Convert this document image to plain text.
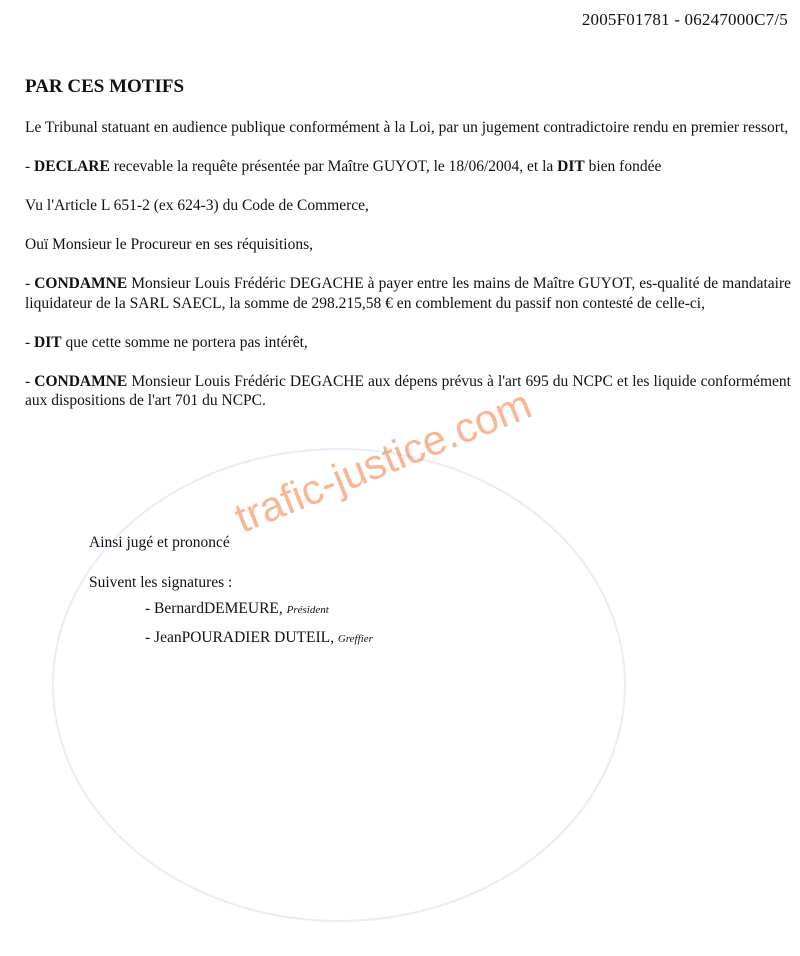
2005F01781 - 06247000C7/5
PAR CES MOTIFS

Le Tribunal statuant en audience publique conformément à la Loi, par un jugement contradictoire rendu en premier ressort,

- DECLARE recevable la requête présentée par Maître GUYOT, le 18/06/2004, et la DIT bien fondée

Vu l'Article L 651-2 (ex 624-3) du Code de Commerce,

Ouï Monsieur le Procureur en ses réquisitions,

- CONDAMNE Monsieur Louis Frédéric DEGACHE à payer entre les mains de Maître GUYOT, es-qualité de mandataire liquidateur de la SARL SAECL, la somme de 298.215,58 € en comblement du passif non contesté de celle-ci,

- DIT que cette somme ne portera pas intérêt,

- CONDAMNE Monsieur Louis Frédéric DEGACHE aux dépens prévus à l'art 695 du NCPC et les liquide conformément aux dispositions de l'art 701 du NCPC.

Ainsi jugé et prononcé

Suivent les signatures :

- BernardDEMEURE, Président
- JeanPOURADIER DUTEIL, Greffier
trafic-justice.com
